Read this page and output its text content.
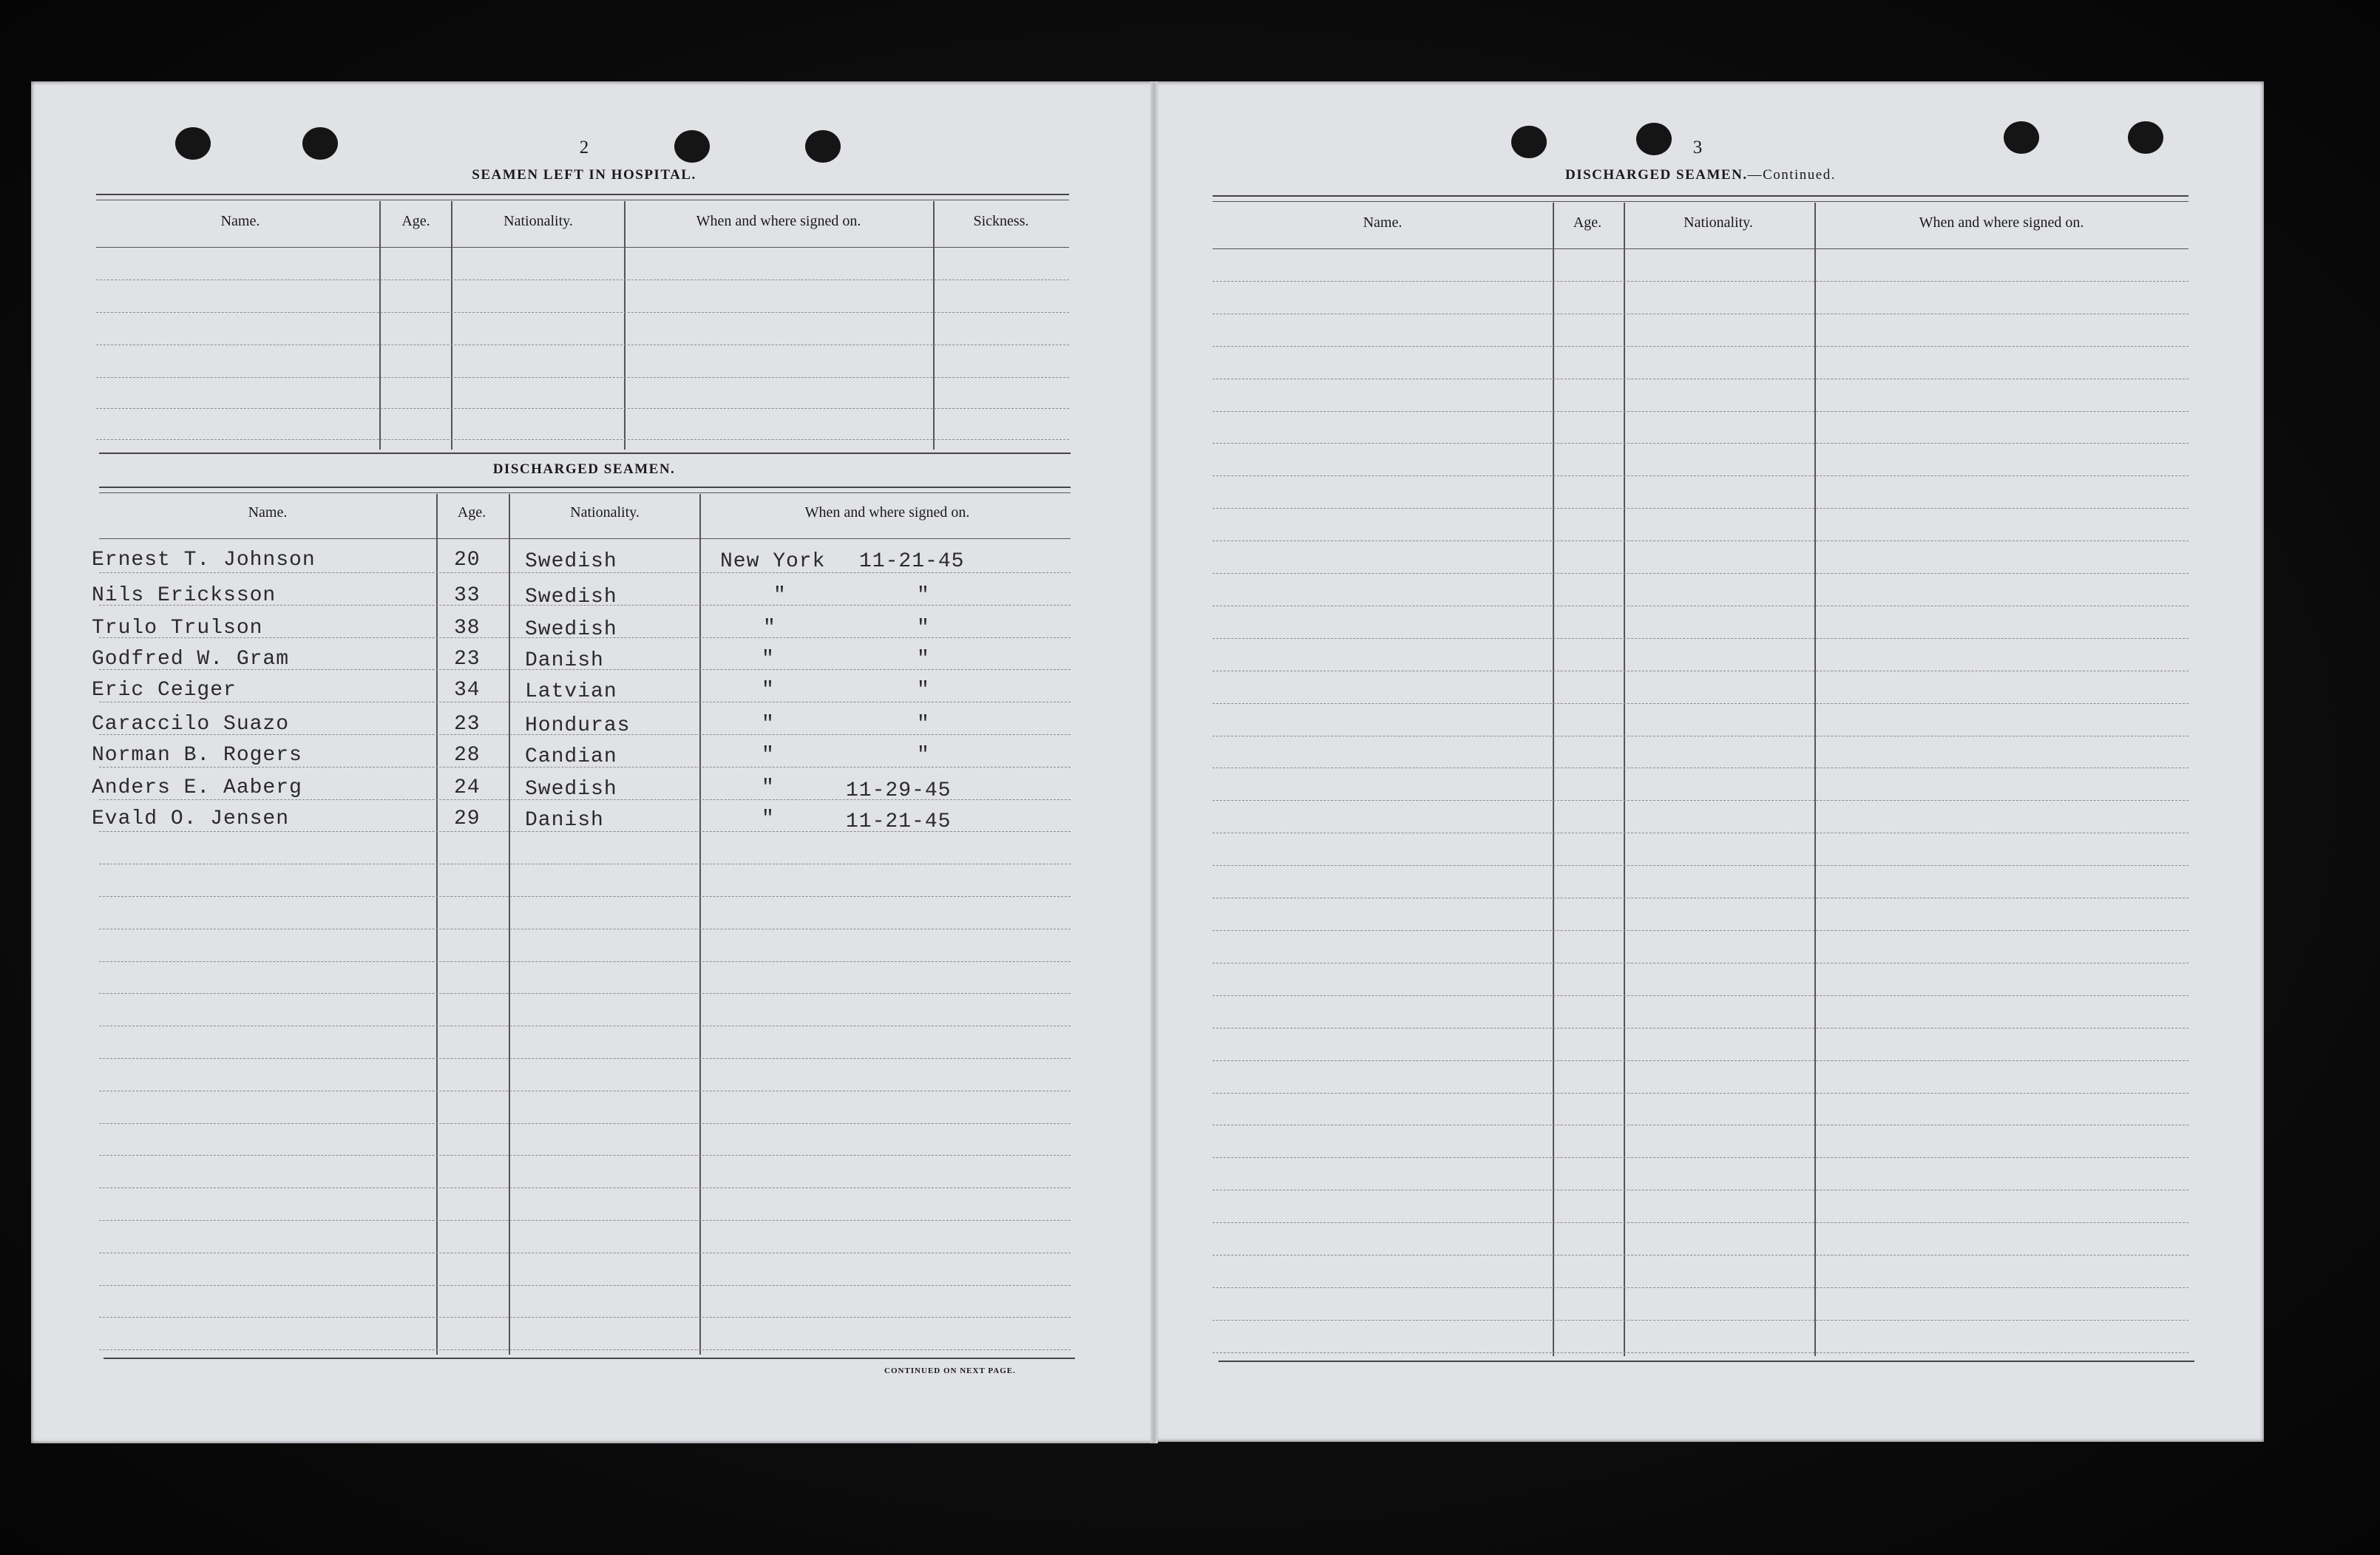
2
SEAMEN LEFT IN HOSPITAL.
Name.	Age.	Nationality.	When and where signed on.	Sickness.
DISCHARGED SEAMEN.
Name.	Age.	Nationality.	When and where signed on.
Ernest T. Johnson	20 Swedish	New York 11-21-45
Nils Ericksson	33 Swedish	"	"
Trulo Trulson	38 Swedish	"	"
Godfred W. Gram	23 Danish	"	"
Eric Ceiger	34 Latvian	"	"
Caraccilo Suazo	23 Honduras	"	"
Norman B. Rogers	28 Candian	"	"
Anders E. Aaberg	24 Swedish	"	11-29-45
Evald O. Jensen	29 Danish	"	11-21-45
CONTINUED ON NEXT PAGE.
3
DISCHARGED SEAMEN.—Continued.
Name.	Age.	Nationality.	When and where signed on.
